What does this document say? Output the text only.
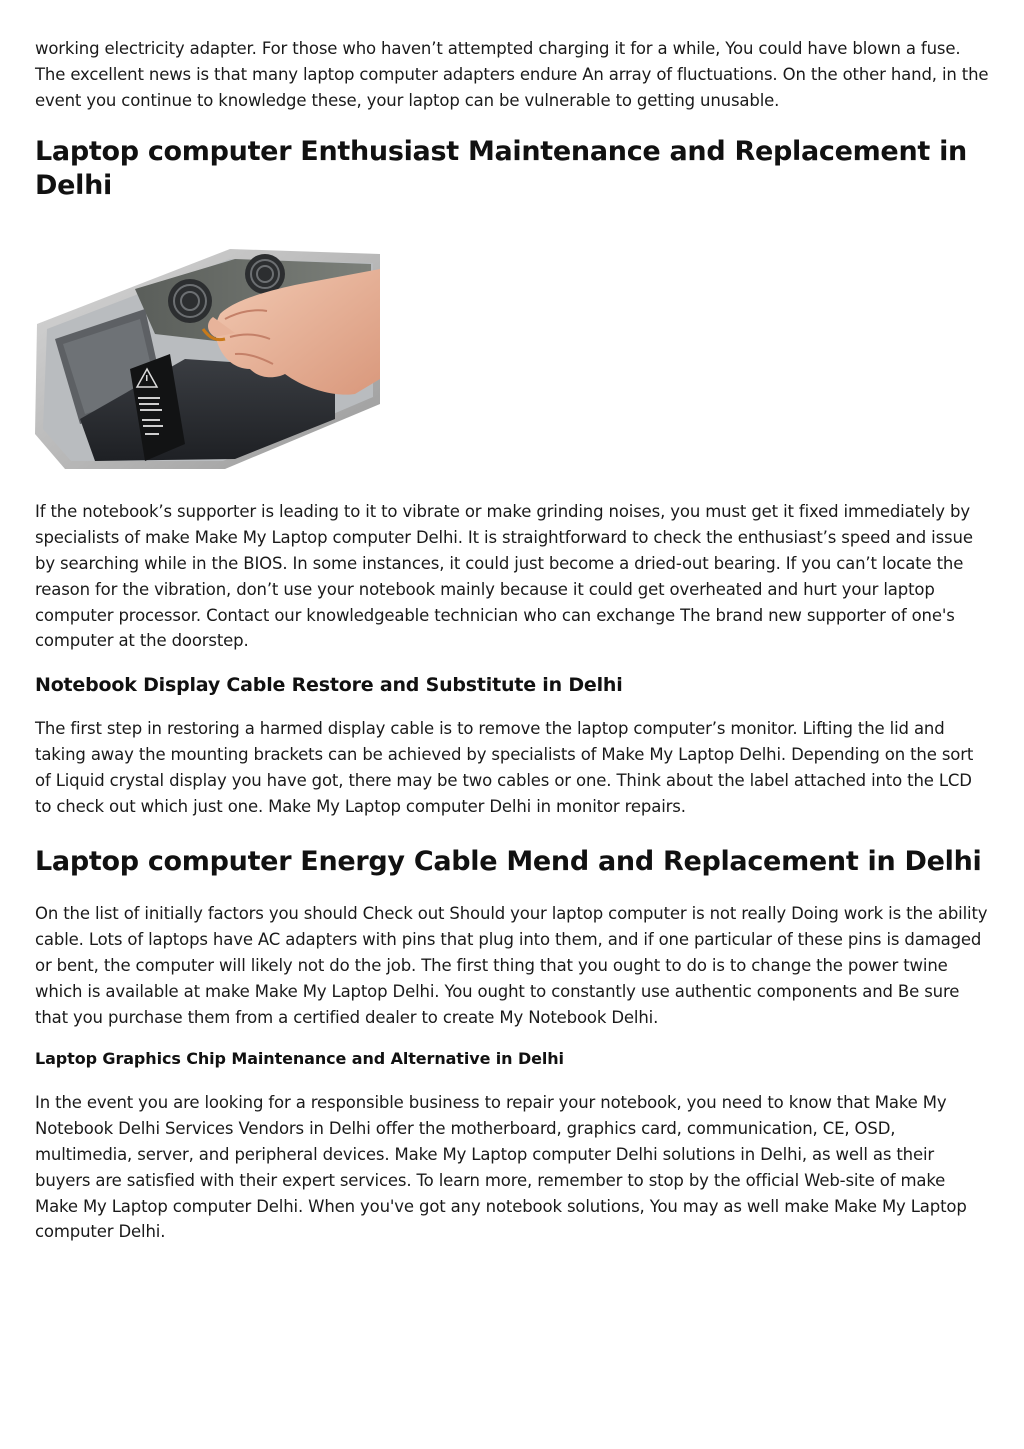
working electricity adapter. For those who haven’t attempted charging it for a while, You could have blown a fuse. The excellent news is that many laptop computer adapters endure An array of fluctuations. On the other hand, in the event you continue to knowledge these, your laptop can be vulnerable to getting unusable.

Laptop computer Enthusiast Maintenance and Replacement in Delhi

If the notebook’s supporter is leading to it to vibrate or make grinding noises, you must get it fixed immediately by specialists of make Make My Laptop computer Delhi. It is straightforward to check the enthusiast’s speed and issue by searching while in the BIOS. In some instances, it could just become a dried-out bearing. If you can’t locate the reason for the vibration, don’t use your notebook mainly because it could get overheated and hurt your laptop computer processor. Contact our knowledgeable technician who can exchange The brand new supporter of one's computer at the doorstep.

Notebook Display Cable Restore and Substitute in Delhi

The first step in restoring a harmed display cable is to remove the laptop computer’s monitor. Lifting the lid and taking away the mounting brackets can be achieved by specialists of Make My Laptop Delhi. Depending on the sort of Liquid crystal display you have got, there may be two cables or one. Think about the label attached into the LCD to check out which just one. Make My Laptop computer Delhi in monitor repairs.

Laptop computer Energy Cable Mend and Replacement in Delhi

On the list of initially factors you should Check out Should your laptop computer is not really Doing work is the ability cable. Lots of laptops have AC adapters with pins that plug into them, and if one particular of these pins is damaged or bent, the computer will likely not do the job. The first thing that you ought to do is to change the power twine which is available at make Make My Laptop Delhi. You ought to constantly use authentic components and Be sure that you purchase them from a certified dealer to create My Notebook Delhi.

Laptop Graphics Chip Maintenance and Alternative in Delhi

In the event you are looking for a responsible business to repair your notebook, you need to know that Make My Notebook Delhi Services Vendors in Delhi offer the motherboard, graphics card, communication, CE, OSD, multimedia, server, and peripheral devices. Make My Laptop computer Delhi solutions in Delhi, as well as their buyers are satisfied with their expert services. To learn more, remember to stop by the official Web-site of make Make My Laptop computer Delhi. When you've got any notebook solutions, You may as well make Make My Laptop computer Delhi.
